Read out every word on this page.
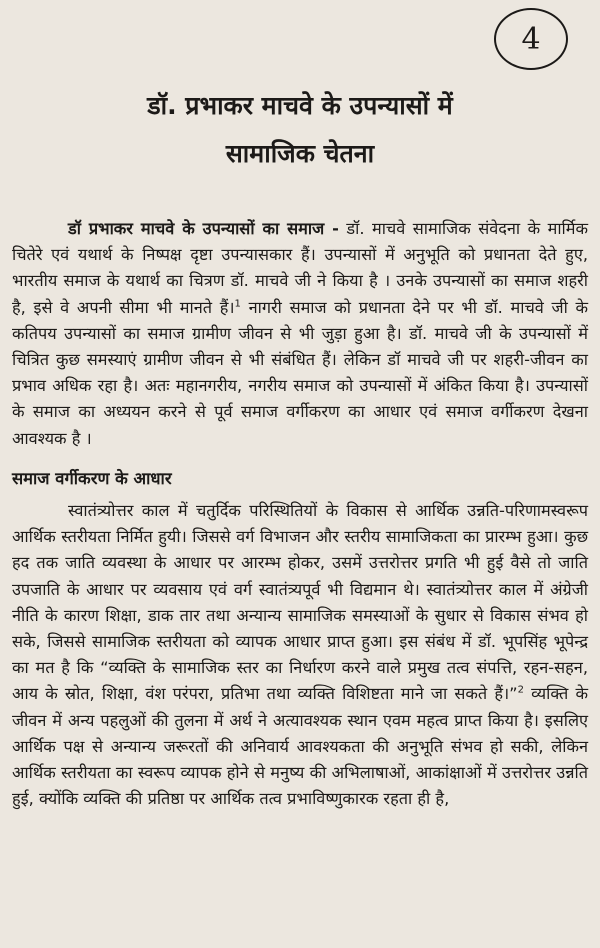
4
डॉ. प्रभाकर माचवे के उपन्यासों में
सामाजिक चेतना

डॉ प्रभाकर माचवे के उपन्यासों का समाज - डॉ. माचवे सामाजिक संवेदना के मार्मिक चितेरे एवं यथार्थ के निष्पक्ष दृष्टा उपन्यासकार हैं। उपन्यासों में अनुभूति को प्रधानता देते हुए, भारतीय समाज के यथार्थ का चित्रण डॉ. माचवे जी ने किया है । उनके उपन्यासों का समाज शहरी है, इसे वे अपनी सीमा भी मानते हैं।$^1$ नागरी समाज को प्रधानता देने पर भी डॉ. माचवे जी के कतिपय उपन्यासों का समाज ग्रामीण जीवन से भी जुड़ा हुआ है। डॉ. माचवे जी के उपन्यासों में चित्रित कुछ समस्याएं ग्रामीण जीवन से भी संबंधित हैं। लेकिन डॉ माचवे जी पर शहरी-जीवन का प्रभाव अधिक रहा है। अतः महानगरीय, नगरीय समाज को उपन्यासों में अंकित किया है। उपन्यासों के समाज का अध्ययन करने से पूर्व समाज वर्गीकरण का आधार एवं समाज वर्गीकरण देखना आवश्यक है ।

समाज वर्गीकरण के आधार

स्वातंत्र्योत्तर काल में चतुर्दिक परिस्थितियों के विकास से आर्थिक उन्नति-परिणामस्वरूप आर्थिक स्तरीयता निर्मित हुयी। जिससे वर्ग विभाजन और स्तरीय सामाजिकता का प्रारम्भ हुआ। कुछ हद तक जाति व्यवस्था के आधार पर आरम्भ होकर, उसमें उत्तरोत्तर प्रगति भी हुई वैसे तो जाति उपजाति के आधार पर व्यवसाय एवं वर्ग स्वातंत्र्यपूर्व भी विद्यमान थे। स्वातंत्र्योत्तर काल में अंग्रेजी नीति के कारण शिक्षा, डाक तार तथा अन्यान्य सामाजिक समस्याओं के सुधार से विकास संभव हो सके, जिससे सामाजिक स्तरीयता को व्यापक आधार प्राप्त हुआ। इस संबंध में डॉ. भूपसिंह भूपेन्द्र का मत है कि “व्यक्ति के सामाजिक स्तर का निर्धारण करने वाले प्रमुख तत्व संपत्ति, रहन-सहन, आय के स्रोत, शिक्षा, वंश परंपरा, प्रतिभा तथा व्यक्ति विशिष्टता माने जा सकते हैं।”$^2$ व्यक्ति के जीवन में अन्य पहलुओं की तुलना में अर्थ ने अत्यावश्यक स्थान एवम महत्व प्राप्त किया है। इसलिए आर्थिक पक्ष से अन्यान्य जरूरतों की अनिवार्य आवश्यकता की अनुभूति संभव हो सकी, लेकिन आर्थिक स्तरीयता का स्वरूप व्यापक होने से मनुष्य की अभिलाषाओं, आकांक्षाओं में उत्तरोत्तर उन्नति हुई, क्योंकि व्यक्ति की प्रतिष्ठा पर आर्थिक तत्व प्रभाविष्णुकारक रहता ही है,
